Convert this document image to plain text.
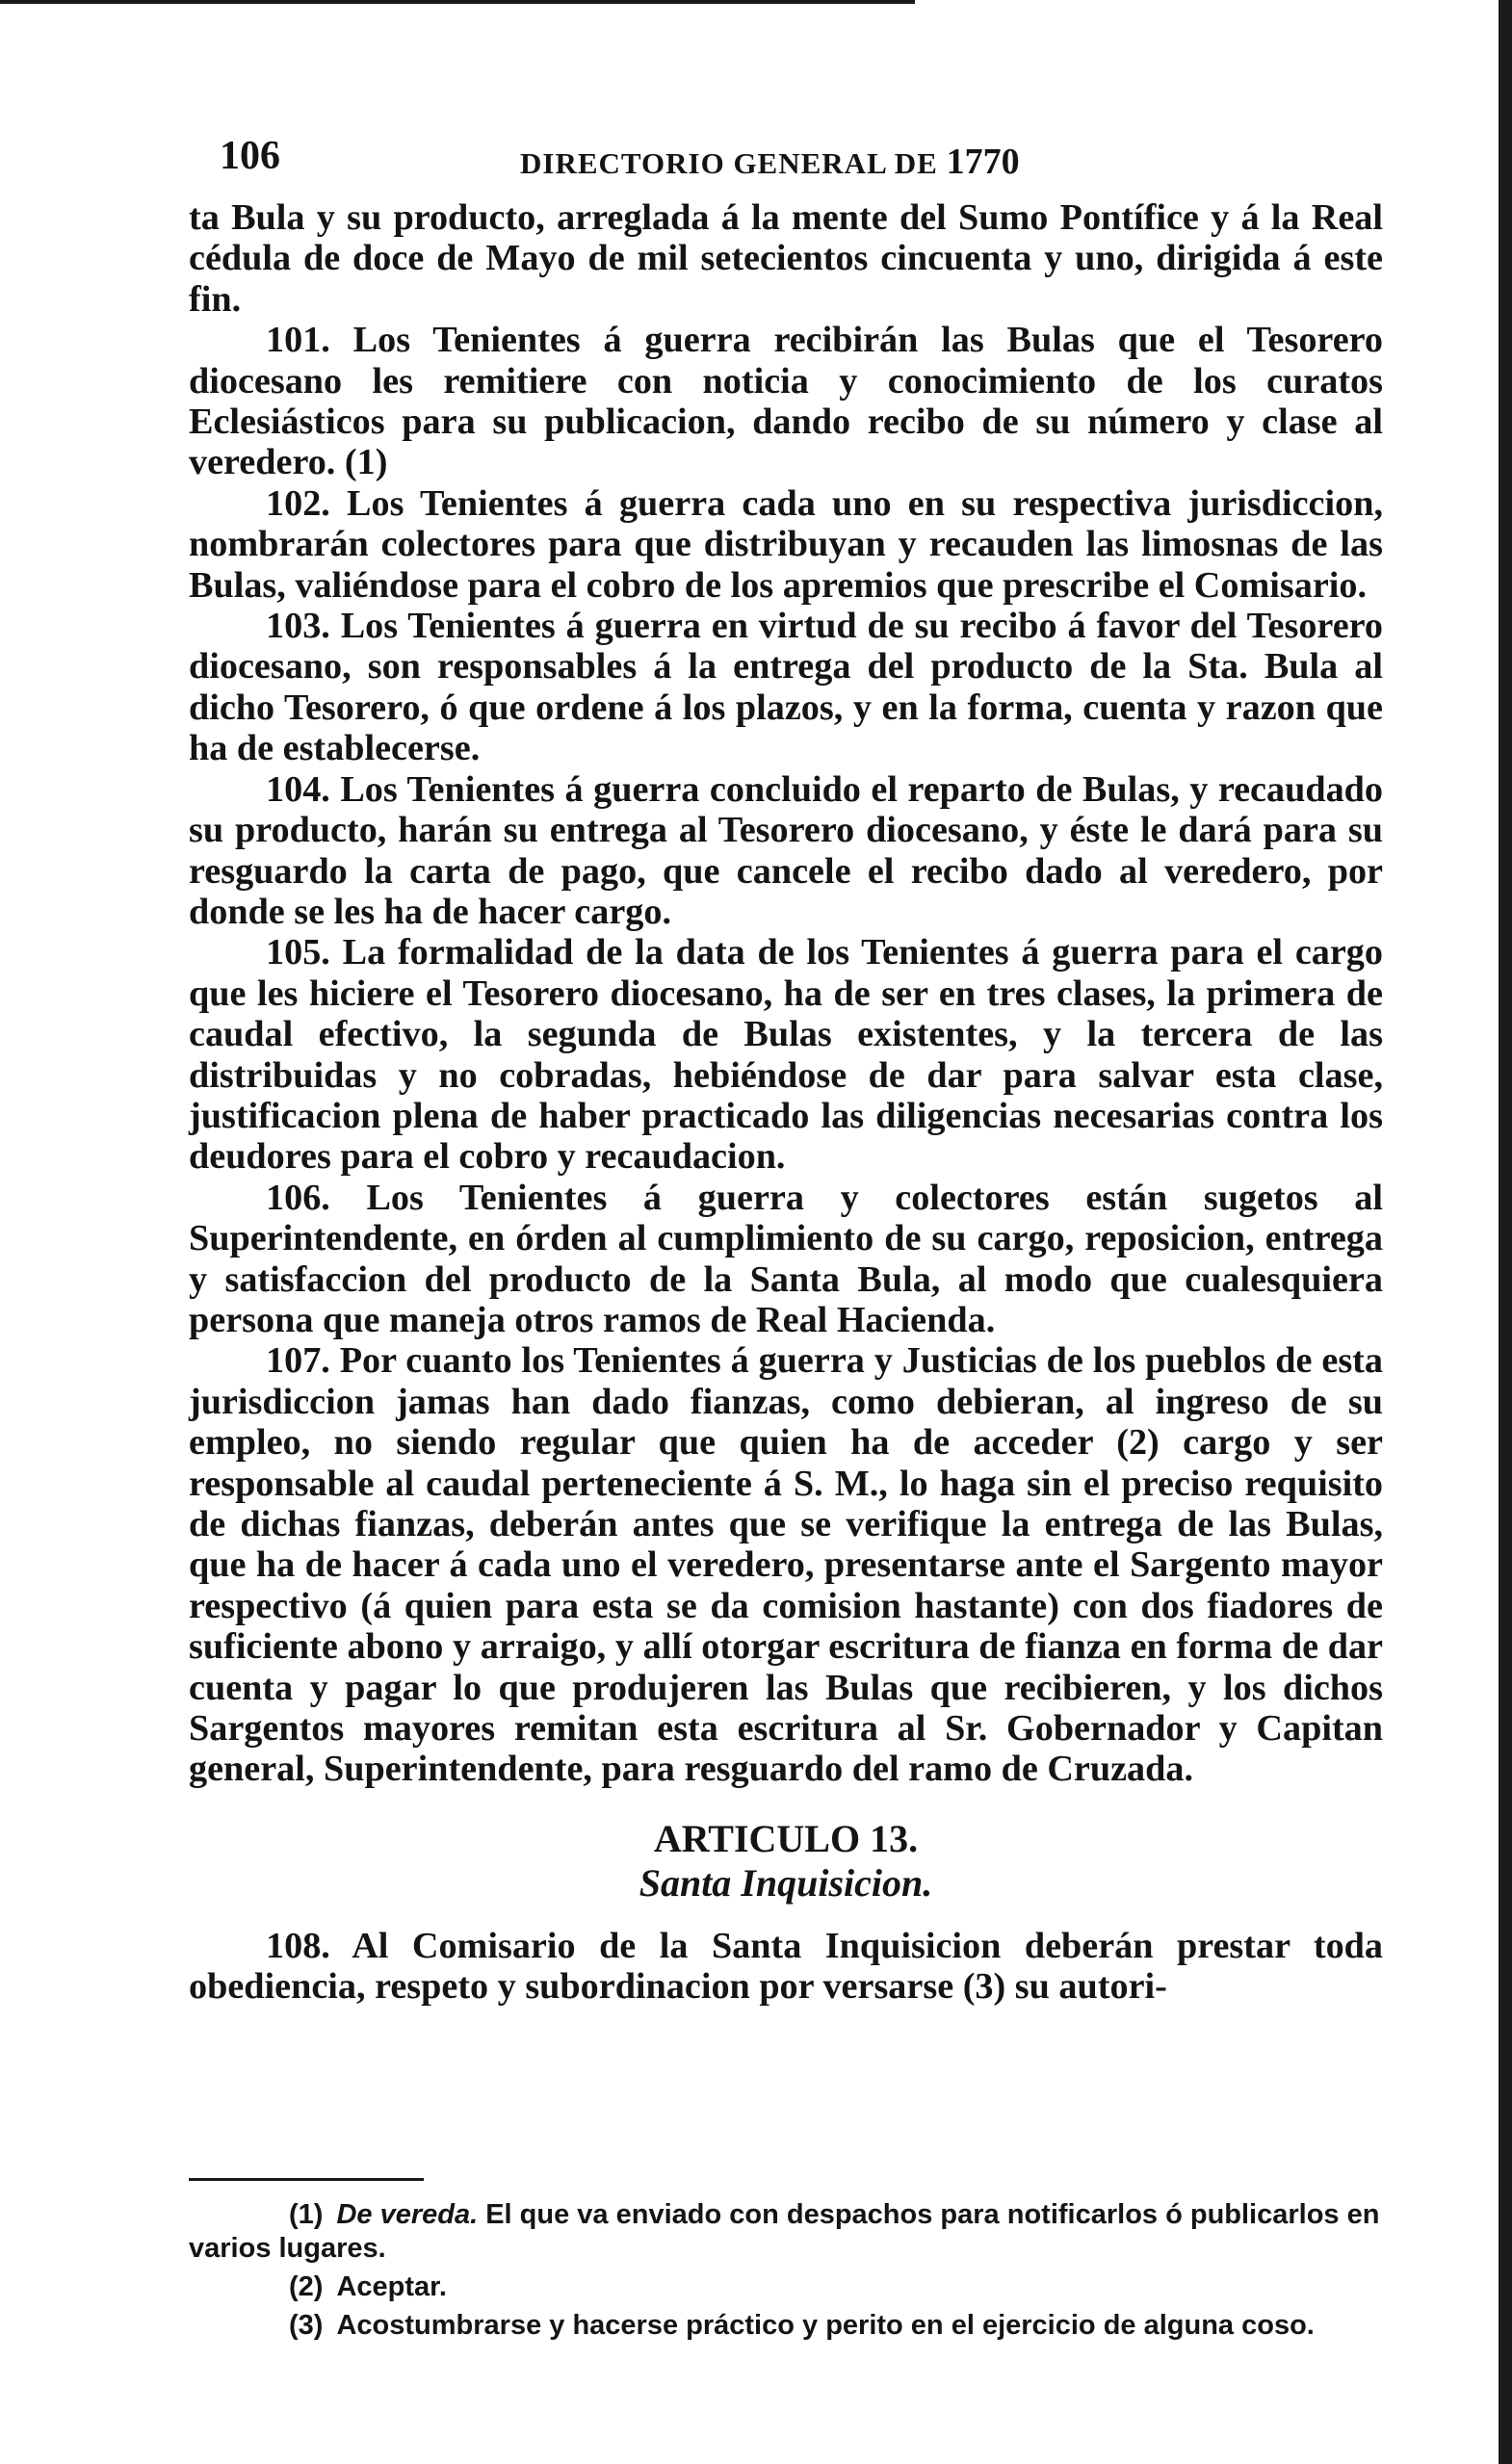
106	DIRECTORIO GENERAL DE 1770

ta Bula y su producto, arreglada á la mente del Sumo Pontífice y á la Real cédula de doce de Mayo de mil setecientos cincuenta y uno, dirigida á este fin.

101. Los Tenientes á guerra recibirán las Bulas que el Tesorero diocesano les remitiere con noticia y conocimiento de los curatos Eclesiásticos para su publicacion, dando recibo de su número y clase al veredero. (1)

102. Los Tenientes á guerra cada uno en su respectiva jurisdiccion, nombrarán colectores para que distribuyan y recauden las limosnas de las Bulas, valiéndose para el cobro de los apremios que prescribe el Comisario.

103. Los Tenientes á guerra en virtud de su recibo á favor del Tesorero diocesano, son responsables á la entrega del producto de la Sta. Bula al dicho Tesorero, ó que ordene á los plazos, y en la forma, cuenta y razon que ha de establecerse.

104. Los Tenientes á guerra concluido el reparto de Bulas, y recaudado su producto, harán su entrega al Tesorero diocesano, y éste le dará para su resguardo la carta de pago, que cancele el recibo dado al veredero, por donde se les ha de hacer cargo.

105. La formalidad de la data de los Tenientes á guerra para el cargo que les hiciere el Tesorero diocesano, ha de ser en tres clases, la primera de caudal efectivo, la segunda de Bulas existentes, y la tercera de las distribuidas y no cobradas, hebiéndose de dar para salvar esta clase, justificacion plena de haber practicado las diligencias necesarias contra los deudores para el cobro y recaudacion.

106. Los Tenientes á guerra y colectores están sugetos al Superintendente, en órden al cumplimiento de su cargo, reposicion, entrega y satisfaccion del producto de la Santa Bula, al modo que cualesquiera persona que maneja otros ramos de Real Hacienda.

107. Por cuanto los Tenientes á guerra y Justicias de los pueblos de esta jurisdiccion jamas han dado fianzas, como debieran, al ingreso de su empleo, no siendo regular que quien ha de acceder (2) cargo y ser responsable al caudal perteneciente á S. M., lo haga sin el preciso requisito de dichas fianzas, deberán antes que se verifique la entrega de las Bulas, que ha de hacer á cada uno el veredero, presentarse ante el Sargento mayor respectivo (á quien para esta se da comision hastante) con dos fiadores de suficiente abono y arraigo, y allí otorgar escritura de fianza en forma de dar cuenta y pagar lo que produjeren las Bulas que recibieren, y los dichos Sargentos mayores remitan esta escritura al Sr. Gobernador y Capitan general, Superintendente, para resguardo del ramo de Cruzada.

ARTICULO 13.

Santa Inquisicion.

108. Al Comisario de la Santa Inquisicion deberán prestar toda obediencia, respeto y subordinacion por versarse (3) su autori-

(1) De vereda. El que va enviado con despachos para notificarlos ó publicarlos en varios lugares.

(2) Aceptar.

(3) Acostumbrarse y hacerse práctico y perito en el ejercicio de alguna coso.
